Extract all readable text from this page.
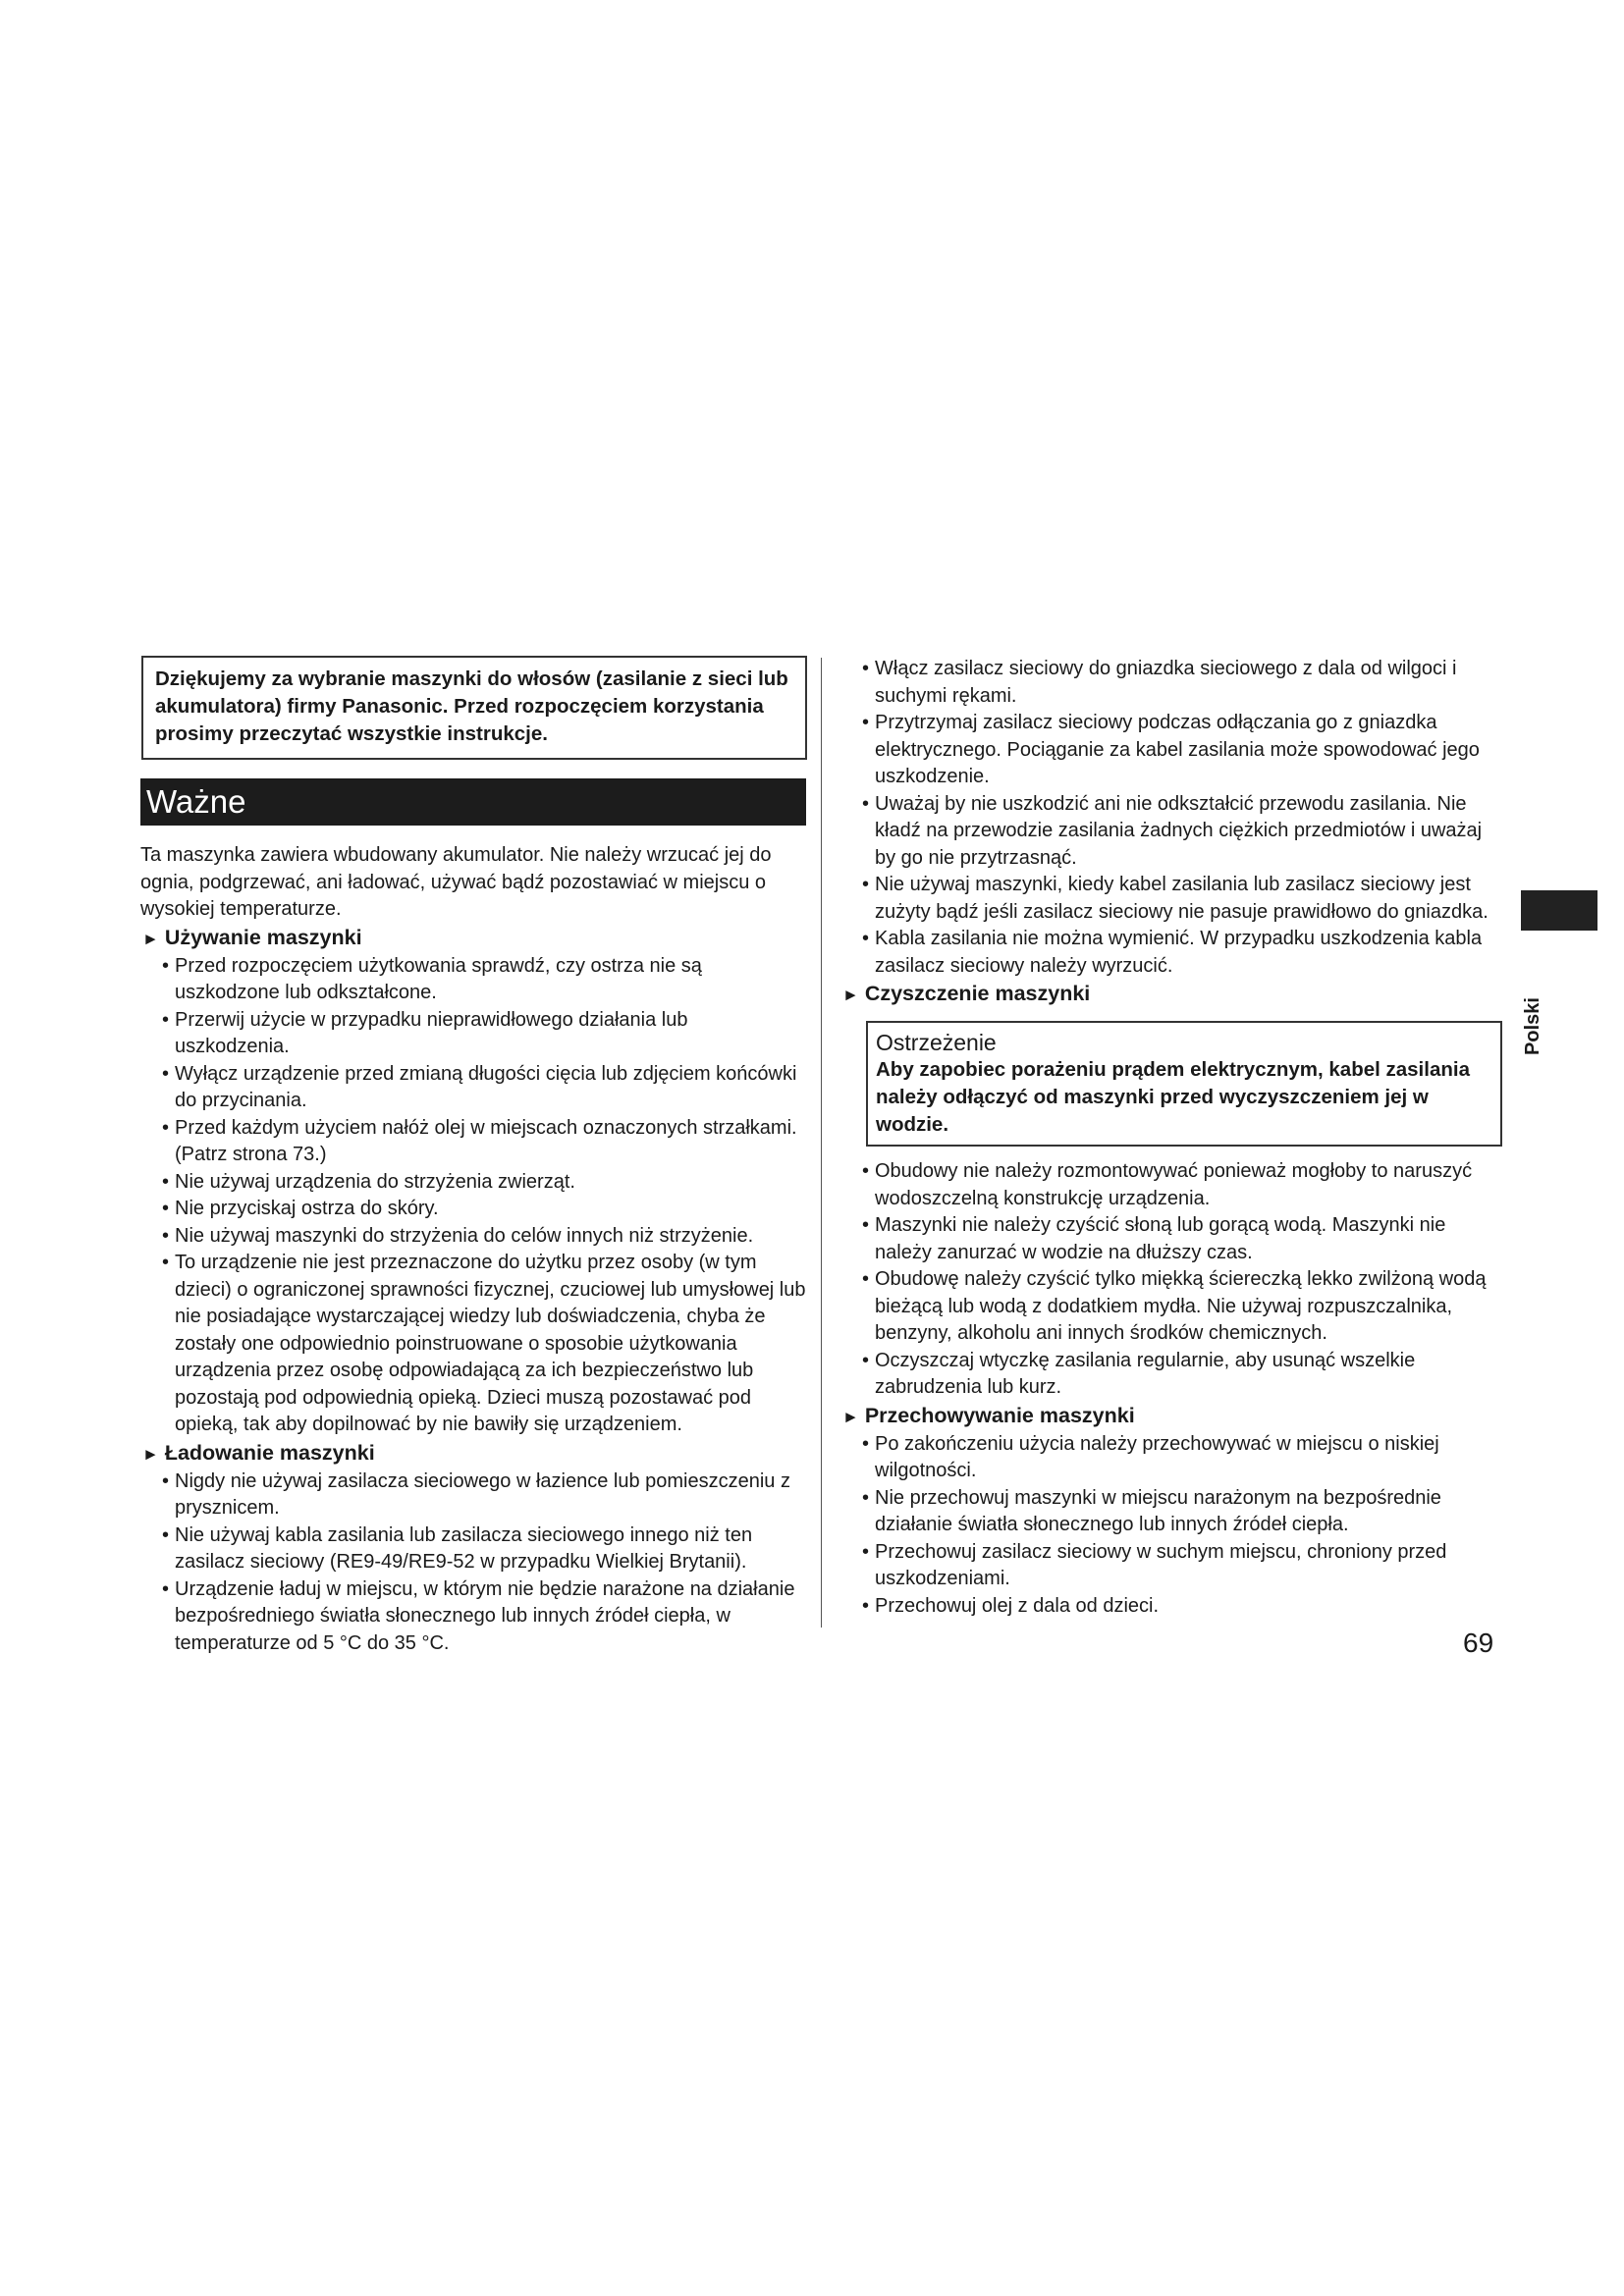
Dziękujemy za wybranie maszynki do włosów (zasilanie z sieci lub akumulatora) firmy Panasonic. Przed rozpoczęciem korzystania prosimy przeczytać wszystkie instrukcje.
Ważne

Ta maszynka zawiera wbudowany akumulator. Nie należy wrzucać jej do ognia, podgrzewać, ani ładować, używać bądź pozostawiać w miejscu o wysokiej temperaturze.

► Używanie maszynki
• Przed rozpoczęciem użytkowania sprawdź, czy ostrza nie są uszkodzone lub odkształcone.
• Przerwij użycie w przypadku nieprawidłowego działania lub uszkodzenia.
• Wyłącz urządzenie przed zmianą długości cięcia lub zdjęciem końcówki do przycinania.
• Przed każdym użyciem nałóż olej w miejscach oznaczonych strzałkami. (Patrz strona 73.)
• Nie używaj urządzenia do strzyżenia zwierząt.
• Nie przyciskaj ostrza do skóry.
• Nie używaj maszynki do strzyżenia do celów innych niż strzyżenie.
• To urządzenie nie jest przeznaczone do użytku przez osoby (w tym dzieci) o ograniczonej sprawności fizycznej, czuciowej lub umysłowej lub nie posiadające wystarczającej wiedzy lub doświadczenia, chyba że zostały one odpowiednio poinstruowane o sposobie użytkowania urządzenia przez osobę odpowiadającą za ich bezpieczeństwo lub pozostają pod odpowiednią opieką. Dzieci muszą pozostawać pod opieką, tak aby dopilnować by nie bawiły się urządzeniem.
► Ładowanie maszynki
• Nigdy nie używaj zasilacza sieciowego w łazience lub pomieszczeniu z prysznicem.
• Nie używaj kabla zasilania lub zasilacza sieciowego innego niż ten zasilacz sieciowy (RE9-49/RE9-52 w przypadku Wielkiej Brytanii).
• Urządzenie ładuj w miejscu, w którym nie będzie narażone na działanie bezpośredniego światła słonecznego lub innych źródeł ciepła, w temperaturze od 5 °C do 35 °C.
• Włącz zasilacz sieciowy do gniazdka sieciowego z dala od wilgoci i suchymi rękami.
• Przytrzymaj zasilacz sieciowy podczas odłączania go z gniazdka elektrycznego. Pociąganie za kabel zasilania może spowodować jego uszkodzenie.
• Uważaj by nie uszkodzić ani nie odkształcić przewodu zasilania. Nie kładź na przewodzie zasilania żadnych ciężkich przedmiotów i uważaj by go nie przytrzasnąć.
• Nie używaj maszynki, kiedy kabel zasilania lub zasilacz sieciowy jest zużyty bądź jeśli zasilacz sieciowy nie pasuje prawidłowo do gniazdka.
• Kabla zasilania nie można wymienić. W przypadku uszkodzenia kabla zasilacz sieciowy należy wyrzucić.
► Czyszczenie maszynki
Ostrzeżenie
Aby zapobiec porażeniu prądem elektrycznym, kabel zasilania należy odłączyć od maszynki przed wyczyszczeniem jej w wodzie.
• Obudowy nie należy rozmontowywać ponieważ mogłoby to naruszyć wodoszczelną konstrukcję urządzenia.
• Maszynki nie należy czyścić słoną lub gorącą wodą. Maszynki nie należy zanurzać w wodzie na dłuższy czas.
• Obudowę należy czyścić tylko miękką ściereczką lekko zwilżoną wodą bieżącą lub wodą z dodatkiem mydła. Nie używaj rozpuszczalnika, benzyny, alkoholu ani innych środków chemicznych.
• Oczyszczaj wtyczkę zasilania regularnie, aby usunąć wszelkie zabrudzenia lub kurz.
► Przechowywanie maszynki
• Po zakończeniu użycia należy przechowywać w miejscu o niskiej wilgotności.
• Nie przechowuj maszynki w miejscu narażonym na bezpośrednie działanie światła słonecznego lub innych źródeł ciepła.
• Przechowuj zasilacz sieciowy w suchym miejscu, chroniony przed uszkodzeniami.
• Przechowuj olej z dala od dzieci.
Polski
69
